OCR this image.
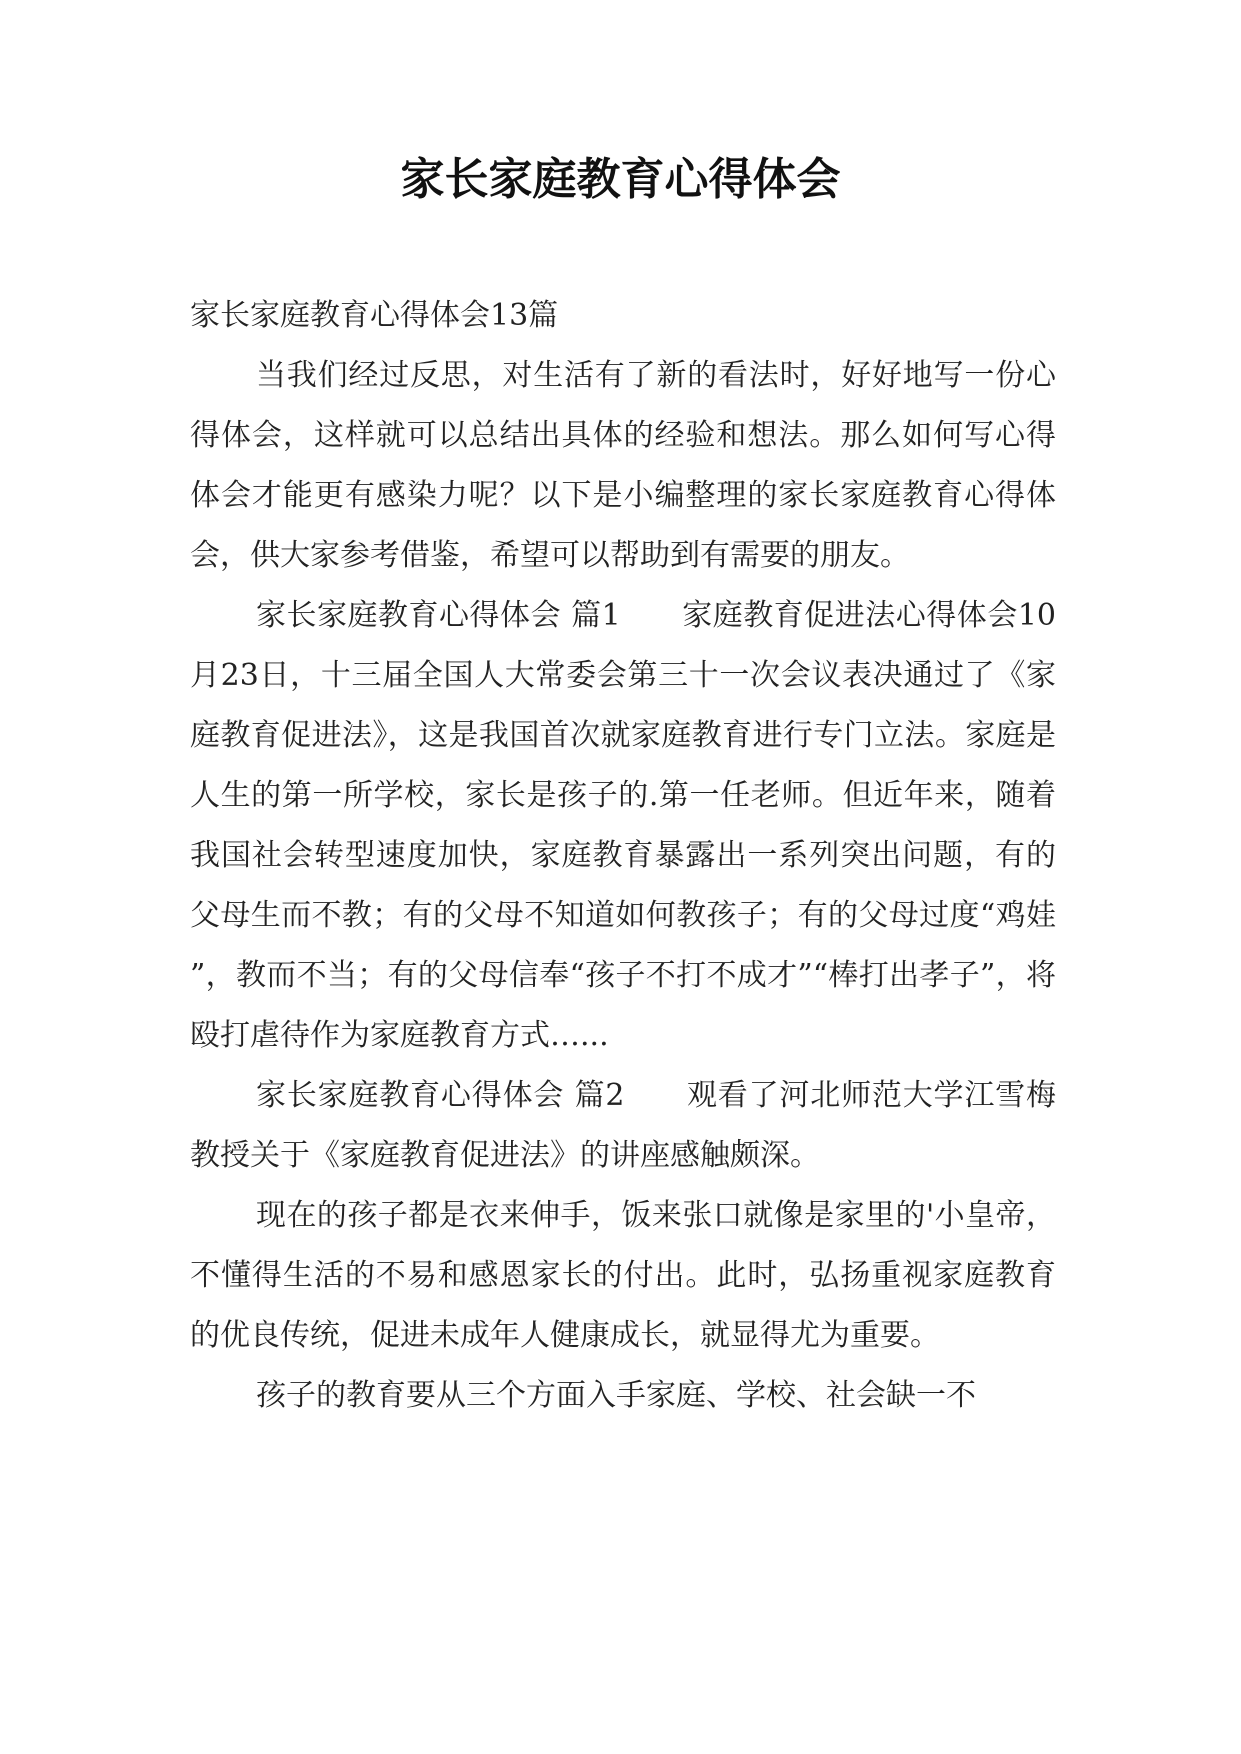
家长家庭教育心得体会

家长家庭教育心得体会13篇

当我们经过反思，对生活有了新的看法时，好好地写一份心得体会，这样就可以总结出具体的经验和想法。那么如何写心得体会才能更有感染力呢？以下是小编整理的家长家庭教育心得体会，供大家参考借鉴，希望可以帮助到有需要的朋友。

家长家庭教育心得体会 篇1　　家庭教育促进法心得体会10月23日，十三届全国人大常委会第三十一次会议表决通过了《家庭教育促进法》，这是我国首次就家庭教育进行专门立法。家庭是人生的第一所学校，家长是孩子的.第一任老师。但近年来，随着我国社会转型速度加快，家庭教育暴露出一系列突出问题，有的父母生而不教；有的父母不知道如何教孩子；有的父母过度“鸡娃”，教而不当；有的父母信奉“孩子不打不成才”“棒打出孝子”，将殴打虐待作为家庭教育方式…...

家长家庭教育心得体会 篇2　　观看了河北师范大学江雪梅教授关于《家庭教育促进法》的讲座感触颇深。

现在的孩子都是衣来伸手，饭来张口就像是家里的'小皇帝，不懂得生活的不易和感恩家长的付出。此时，弘扬重视家庭教育的优良传统，促进未成年人健康成长，就显得尤为重要。

孩子的教育要从三个方面入手家庭、学校、社会缺一不
